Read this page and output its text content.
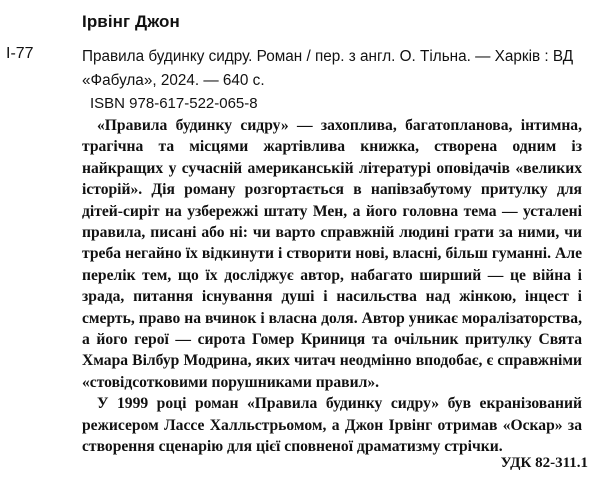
Ірвінг Джон
І-77	Правила будинку сидру. Роман / пер. з англ. О. Тільна. — Харків : ВД «Фабула», 2024. — 640 с.
ISBN 978-617-522-065-8

«Правила будинку сидру» — захоплива, багатопланова, інтимна, трагічна та місцями жартівлива книжка, створена одним із найкращих у сучасній американській літературі оповідачів «великих історій». Дія роману розгортається в напівзабутому притулку для дітей-сиріт на узбережжі штату Мен, а його головна тема — усталені правила, писані або ні: чи варто справжній людині грати за ними, чи треба негайно їх відкинути і створити нові, власні, більш гуманні. Але перелік тем, що їх досліджує автор, набагато ширший — це війна і зрада, питання існування душі і насильства над жінкою, інцест і смерть, право на вчинок і власна доля. Автор уникає моралізаторства, а його герої — сирота Гомер Криниця та очільник притулку Свята Хмара Вілбур Модрина, яких читач неодмінно вподобає, є справжніми «стовідсотковими порушниками правил».

У 1999 році роман «Правила будинку сидру» був екранізований режисером Лассе Халльстрьомом, а Джон Ірвінг отримав «Оскар» за створення сценарію для цієї сповненої драматизму стрічки.

УДК 82-311.1
